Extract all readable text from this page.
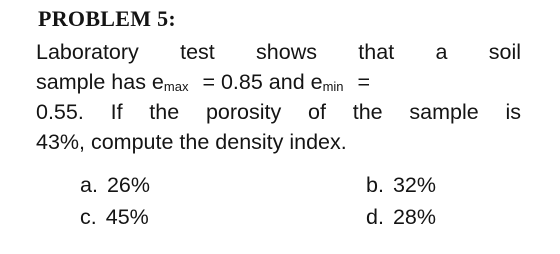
PROBLEM 5:
Laboratory test shows that a soil
sample has $e_{max} = 0.85$ and $e_{min}$ =
0.55. If the porosity of the sample is
43%, compute the density index.
a. 26%	b. 32%
c. 45%	d. 28%
